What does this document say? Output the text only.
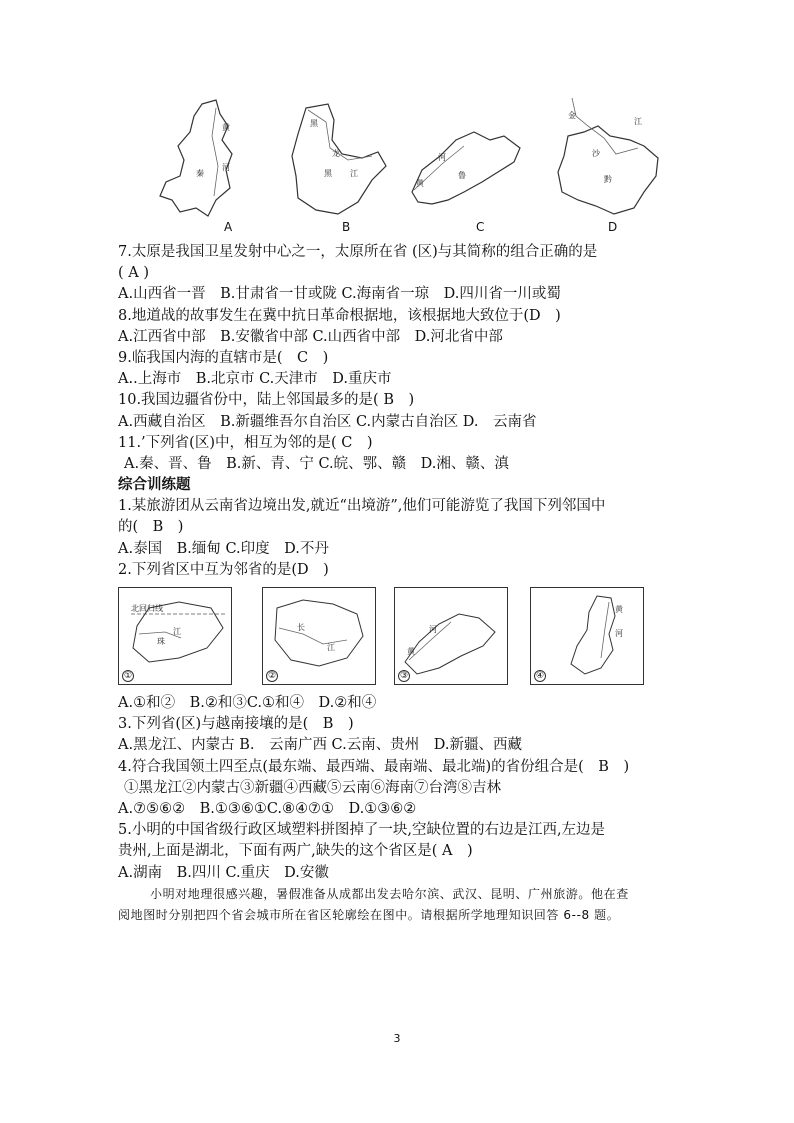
黄
河
秦
A
黑
龙
黑 江
B
河
黄
鲁
C
金
江
沙
黔
D
7.太原是我国卫星发射中心之一，太原所在省 (区)与其简称的组合正确的是
( A )
A.山西省一晋　B.甘肃省一甘或陇 C.海南省一琼　D.四川省一川或蜀
8.地道战的故事发生在冀中抗日革命根据地，该根据地大致位于(D　)
A.江西省中部　B.安徽省中部 C.山西省中部　D.河北省中部
9.临我国内海的直辖市是(　C　)
A..上海市　B.北京市 C.天津市　D.重庆市
10.我国边疆省份中，陆上邻国最多的是( B　)
A.西藏自治区　B.新疆维吾尔自治区 C.内蒙古自治区 D.　云南省
11.’下列省(区)中，相互为邻的是( C　)
A.秦、晋、鲁　B.新、青、宁 C.皖、鄂、赣　D.湘、赣、滇
综合训练题
1.某旅游团从云南省边境出发,就近“出境游”,他们可能游览了我国下列邻国中
的(　B　)
A.泰国　B.缅甸 C.印度　D.不丹
2.下列省区中互为邻省的是(D　)
北回归线
珠
江
①
长
江
②
河
黄
③
黄
河
④
A.①和②　B.②和③C.①和④　D.②和④
3.下列省(区)与越南接壤的是(　B　)
A.黑龙江、内蒙古 B.　云南广西 C.云南、贵州　D.新疆、西藏
4.符合我国领土四至点(最东端、最西端、最南端、最北端)的省份组合是(　B　)
①黑龙江②内蒙古③新疆④西藏⑤云南⑥海南⑦台湾⑧吉林
A.⑦⑤⑥②　B.①③⑥①C.⑧④⑦①　D.①③⑥②
5.小明的中国省级行政区域塑料拼图掉了一块,空缺位置的右边是江西,左边是
贵州,上面是湖北，下面有两广,缺失的这个省区是( A　)
A.湖南　B.四川 C.重庆　D.安徽
小明对地理很感兴趣，暑假准备从成都出发去哈尔滨、武汉、昆明、广州旅游。他在查
阅地图时分别把四个省会城市所在省区轮廓绘在图中。请根据所学地理知识回答 6--8 题。
3
